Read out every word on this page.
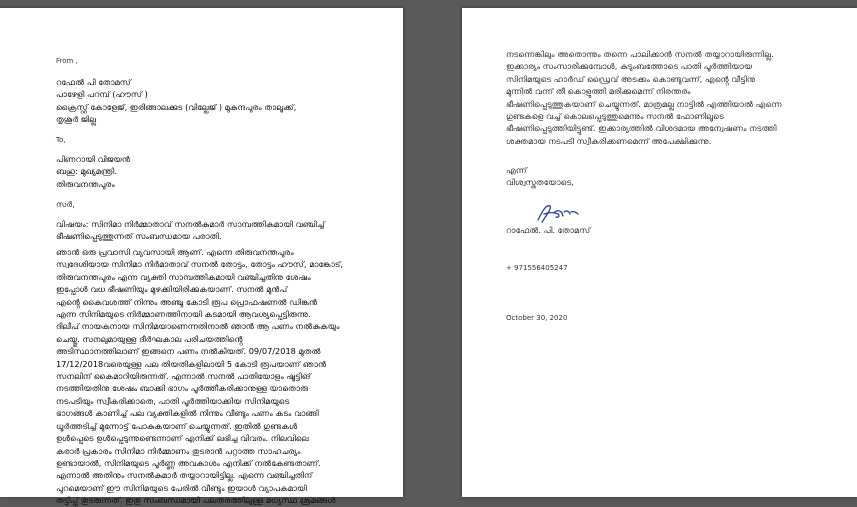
From ,
റഫേൽ പി തോമസ്
പാഴേളി പറമ്പ് (ഹൗസ് )
ക്രൈസ്റ്റ് കോളേജ്, ഇരിങ്ങാലക്കുട (വില്ലേജ് ) മുകുന്ദപുരം താലൂക്ക്,
തൃശൂർ ജില്ല
To,
പിണറായി വിജയൻ
ബഹു: മുഖ്യമന്ത്രി.
തിരുവനന്തപുരം
സർ,
വിഷയം: സിനിമാ നിർമ്മാതാവ് സനൽകുമാർ സാമ്പത്തികമായി വഞ്ചിച്ച്
ഭീഷണിപ്പെടുത്തുന്നത് സംബന്ധമായ പരാതി.
ഞാൻ ഒരു പ്രവാസി വ്യവസായി ആണ്. എന്നെ തിരുവനന്തപുരം
സ്വദേശിയായ സിനിമാ നിർമാതാവ് സനൽ തോട്ടം, തോട്ടം ഹൗസ്, മാങ്കോട്,
തിരുവനന്തപുരം എന്ന വ്യക്തി സാമ്പത്തികമായി വഞ്ചിച്ചതിനു ശേഷം
ഇപ്പോൾ വധ ഭീഷണിയും മുഴക്കിയിരിക്കുകയാണ്. സനൽ മുൻപ്
എൻ്റെ കൈവശത്ത് നിന്നും അഞ്ചു കോടി രൂപ പ്രൊഫഷണൽ ഡിങ്കൻ
എന്ന സിനിമയുടെ നിർമ്മാണത്തിനായി കടമായി ആവശ്യപ്പെട്ടിരുന്നു.
ദിലീപ് നായകനായ സിനിമയാണെന്നതിനാൽ ഞാൻ ആ പണം നൽകുകയും
ചെയ്തു. സനലുമായുള്ള ദീർഘകാല പരിചയത്തിൻ്റെ
അടിസ്ഥാനത്തിലാണ് ഇങ്ങനെ പണം നൽകിയത്. 09/07/2018 മുതൽ
17/12/2018വരെയുള്ള പല തിയതികളിലായി 5 കോടി രൂപയാണ് ഞാൻ
സനലിന് കൈമാറിയിരുന്നത്. എന്നാൽ സനൽ പാതിയോളം ഷൂട്ടിങ്
നടത്തിയതിനു ശേഷം ബാക്കി ഭാഗം പൂർത്തീകരിക്കാനുള്ള യാതൊരു
നടപടിയും സ്വീകരിക്കാതെ, പാതി പൂർത്തിയാക്കിയ സിനിമയുടെ
ഭാഗങ്ങൾ കാണിച്ച് പല വ്യക്തികളിൽ നിന്നും വീണ്ടും പണം കടം വാങ്ങി
ധൂർത്തടിച്ച് മുന്നോട്ട് പോകുകയാണ് ചെയ്യുന്നത്. ഇതിൽ ഗുണ്ടകൾ
ഉൾപ്പെടെ ഉൾപ്പെടുന്നുണ്ടെന്നാണ് എനിക്ക് ലഭിച്ച വിവരം. നിലവിലെ
കരാർ പ്രകാരം സിനിമാ നിർമ്മാണം തുടരാൻ പറ്റാത്ത സാഹചര്യം
ഉണ്ടായാൽ, സിനിമയുടെ പൂർണ്ണ അവകാശം എനിക്ക് നൽകേണ്ടതാണ്.
എന്നാൽ അതിനും സനൽകുമാർ തയ്യാറായിട്ടില്ല. എന്നെ വഞ്ചിച്ചതിന്
പുറമെയാണ് ഈ സിനിമയുടെ പേരിൽ വീണ്ടും ഇയാൾ വ്യാപകമായി
തട്ടിപ്പ് തുടരുന്നത്. ഇതു സംബന്ധമായി പലതരത്തിലുള്ള മധ്യസ്ഥ ശ്രമങ്ങൾ
നടന്നെങ്കിലും അതൊന്നും തന്നെ പാലിക്കാൻ സനൽ തയ്യാറായിരുന്നില്ല.
ഇക്കാര്യം സംസാരിക്കുമ്പോൾ, കുടുംബത്തോടെ പാതി പൂർത്തിയായ
സിനിമയുടെ ഹാർഡ് ഡ്രൈവ് അടക്കം കൊണ്ടുവന്ന്, എൻ്റെ വീട്ടിനു
മുന്നിൽ വന്ന് തീ കൊളുത്തി മരിക്കുമെന്ന് നിരന്തരം
ഭീഷണിപ്പെടുത്തുകയാണ് ചെയ്യുന്നത്. മാത്രമല്ല നാട്ടിൽ എത്തിയാൽ എന്നെ
ഗുണ്ടകളെ വച്ച് കൊലപ്പെടുത്തുമെന്നും സനൽ ഫോണിലൂടെ
ഭീഷണിപ്പെടുത്തിയിട്ടുണ്ട്. ഇക്കാര്യത്തിൽ വിശദമായ അന്വേഷണം നടത്തി
ശക്തമായ നടപടി സ്വീകരിക്കണമെന്ന് അപേക്ഷിക്കുന്നു.
എന്ന്
വിശ്വസ്തതയോടെ,
റാഫേൽ. പി. തോമസ്
+ 971556405247
October 30, 2020
